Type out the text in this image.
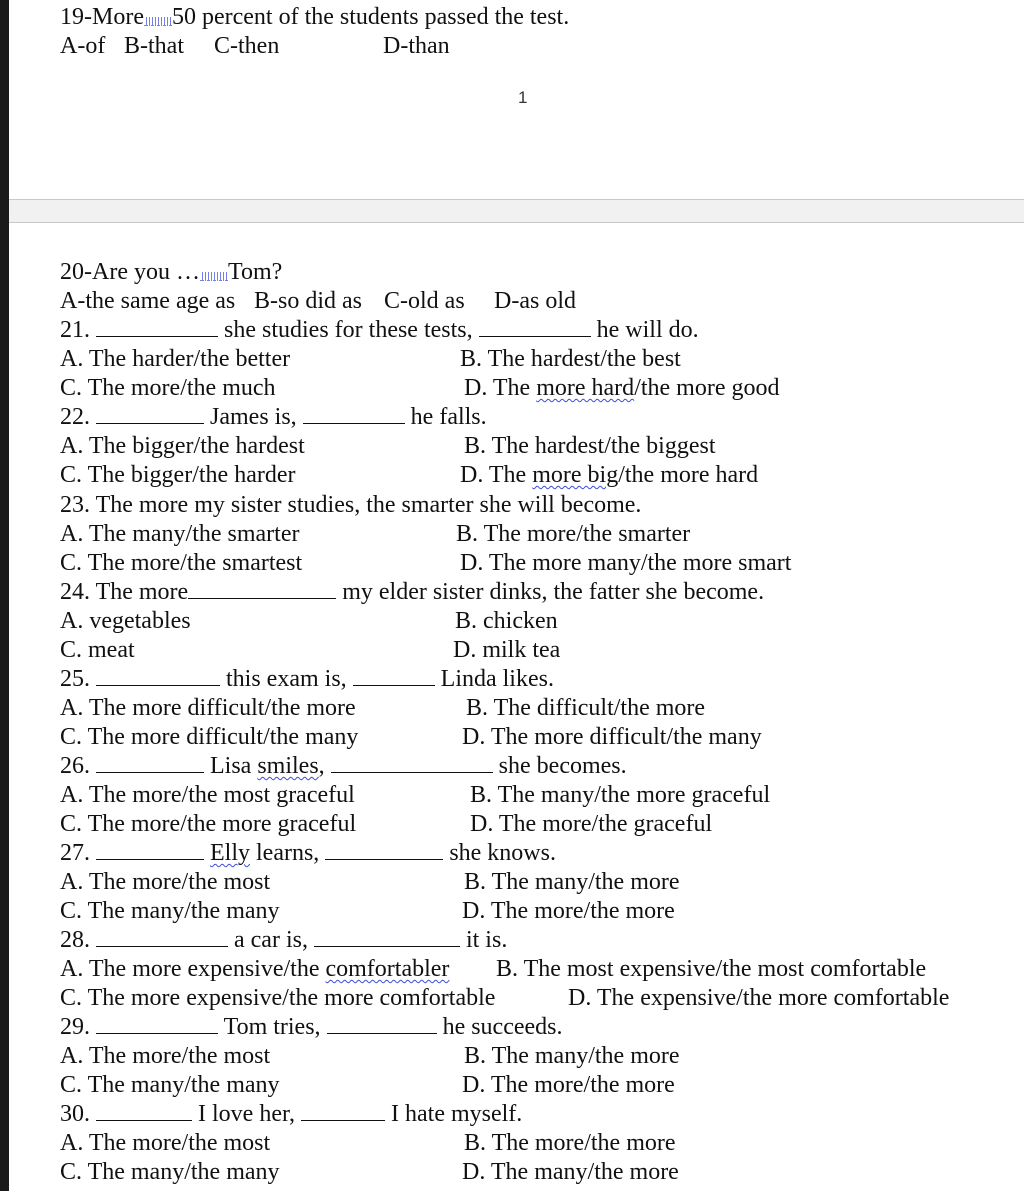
1
19-More 50 percent of the students passed the test.
A-of B-that C-then	D-than
20-Are you … Tom?
A-the same age as B-so did as C-old as D-as old
21.	she studies for these tests,	he will do.
A. The harder/the better	B. The hardest/the best
C. The more/the much	D. The more hard/the more good
22.	James is,	he falls.
A. The bigger/the hardest	B. The hardest/the biggest
C. The bigger/the harder	D. The more big/the more hard
23. The more my sister studies, the smarter she will become.
A. The many/the smarter	B. The more/the smarter
C. The more/the smartest	D. The more many/the more smart
24. The more	my elder sister dinks, the fatter she become.
A. vegetables	B. chicken
C. meat	D. milk tea
25.	this exam is,	Linda likes.
A. The more difficult/the more	B. The difficult/the more
C. The more difficult/the many	D. The more difficult/the many
26.	Lisa smiles,	she becomes.
A. The more/the most graceful	B. The many/the more graceful
C. The more/the more graceful	D. The more/the graceful
27.	Elly learns,	she knows.
A. The more/the most	B. The many/the more
C. The many/the many	D. The more/the more
28.	a car is,	it is.
A. The more expensive/the comfortabler B. The most expensive/the most comfortable
C. The more expensive/the more comfortable	D. The expensive/the more comfortable
29.	Tom tries,	he succeeds.
A. The more/the most	B. The many/the more
C. The many/the many	D. The more/the more
30.	I love her,	I hate myself.
A. The more/the most	B. The more/the more
C. The many/the many	D. The many/the more
